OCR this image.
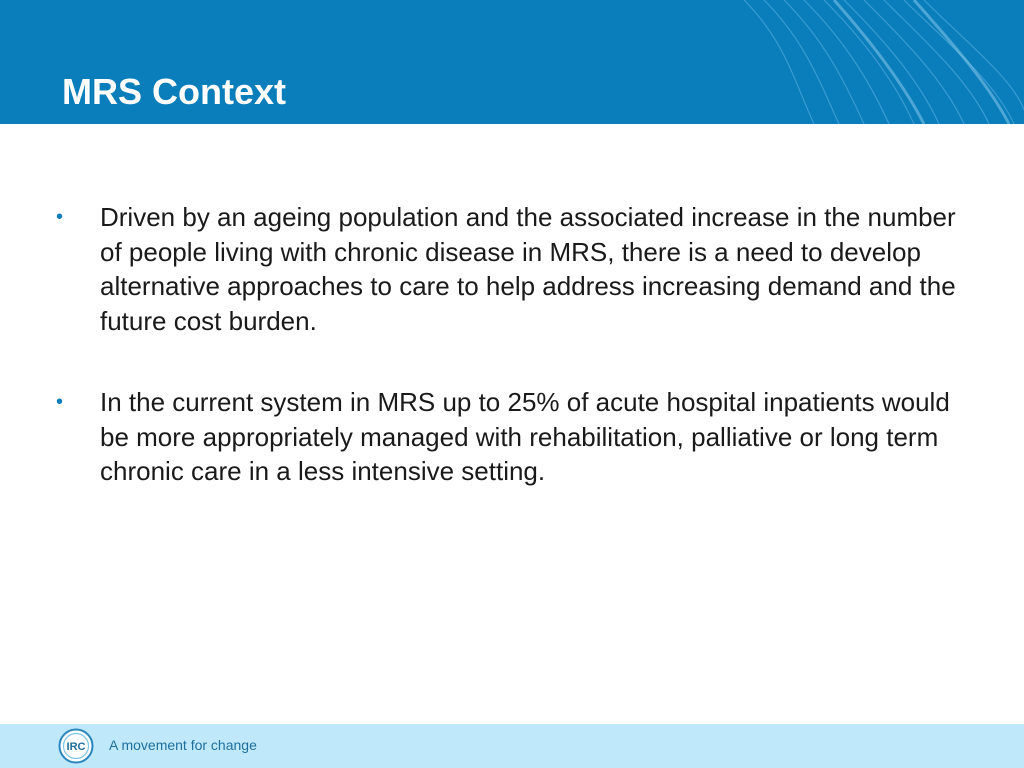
MRS Context
•	Driven by an ageing population and the associated increase in the number of people living with chronic disease in MRS, there is a need to develop alternative approaches to care to help address increasing demand and the future cost burden.
•	In the current system in MRS up to 25% of acute hospital inpatients would be more appropriately managed with rehabilitation, palliative or long term chronic care in a less intensive setting.
IRC A movement for change
